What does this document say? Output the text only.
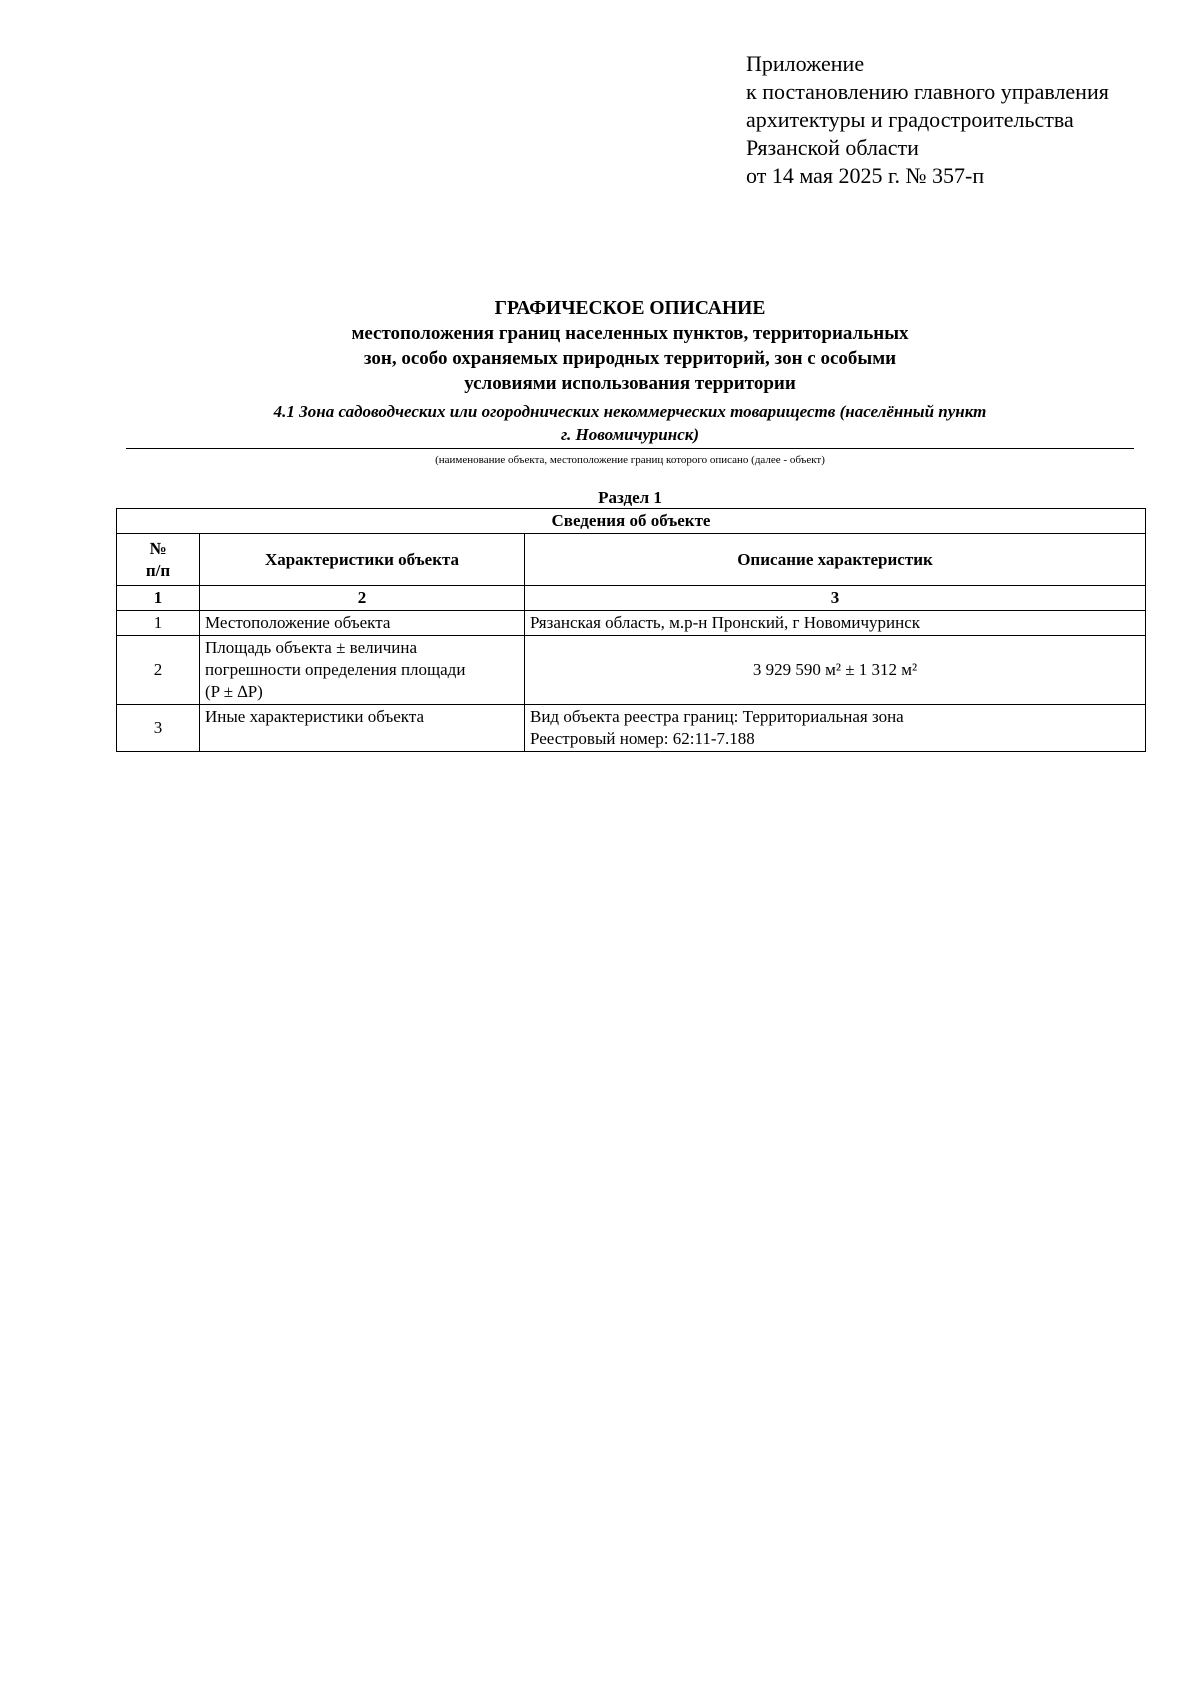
Приложение
к постановлению главного управления
архитектуры и градостроительства
Рязанской области
от 14 мая 2025 г. № 357-п
ГРАФИЧЕСКОЕ ОПИСАНИЕ
местоположения границ населенных пунктов, территориальных
зон, особо охраняемых природных территорий, зон с особыми
условиями использования территории
4.1 Зона садоводческих или огороднических некоммерческих товариществ (населённый пункт
г. Новомичуринск)
(наименование объекта, местоположение границ которого описано (далее - объект)
Раздел 1
Сведения об объекте		

№
п/п	Характеристики объекта	Описание характеристик
1	2	3
1	Местоположение объекта	Рязанская область, м.р-н Пронский, г Новомичуринск
2	Площадь объекта ± величина
погрешности определения площади
(P ± ∆P)	3 929 590 м² ± 1 312 м²
3	Иные характеристики объекта	Вид объекта реестра границ: Территориальная зона
Реестровый номер: 62:11-7.188
